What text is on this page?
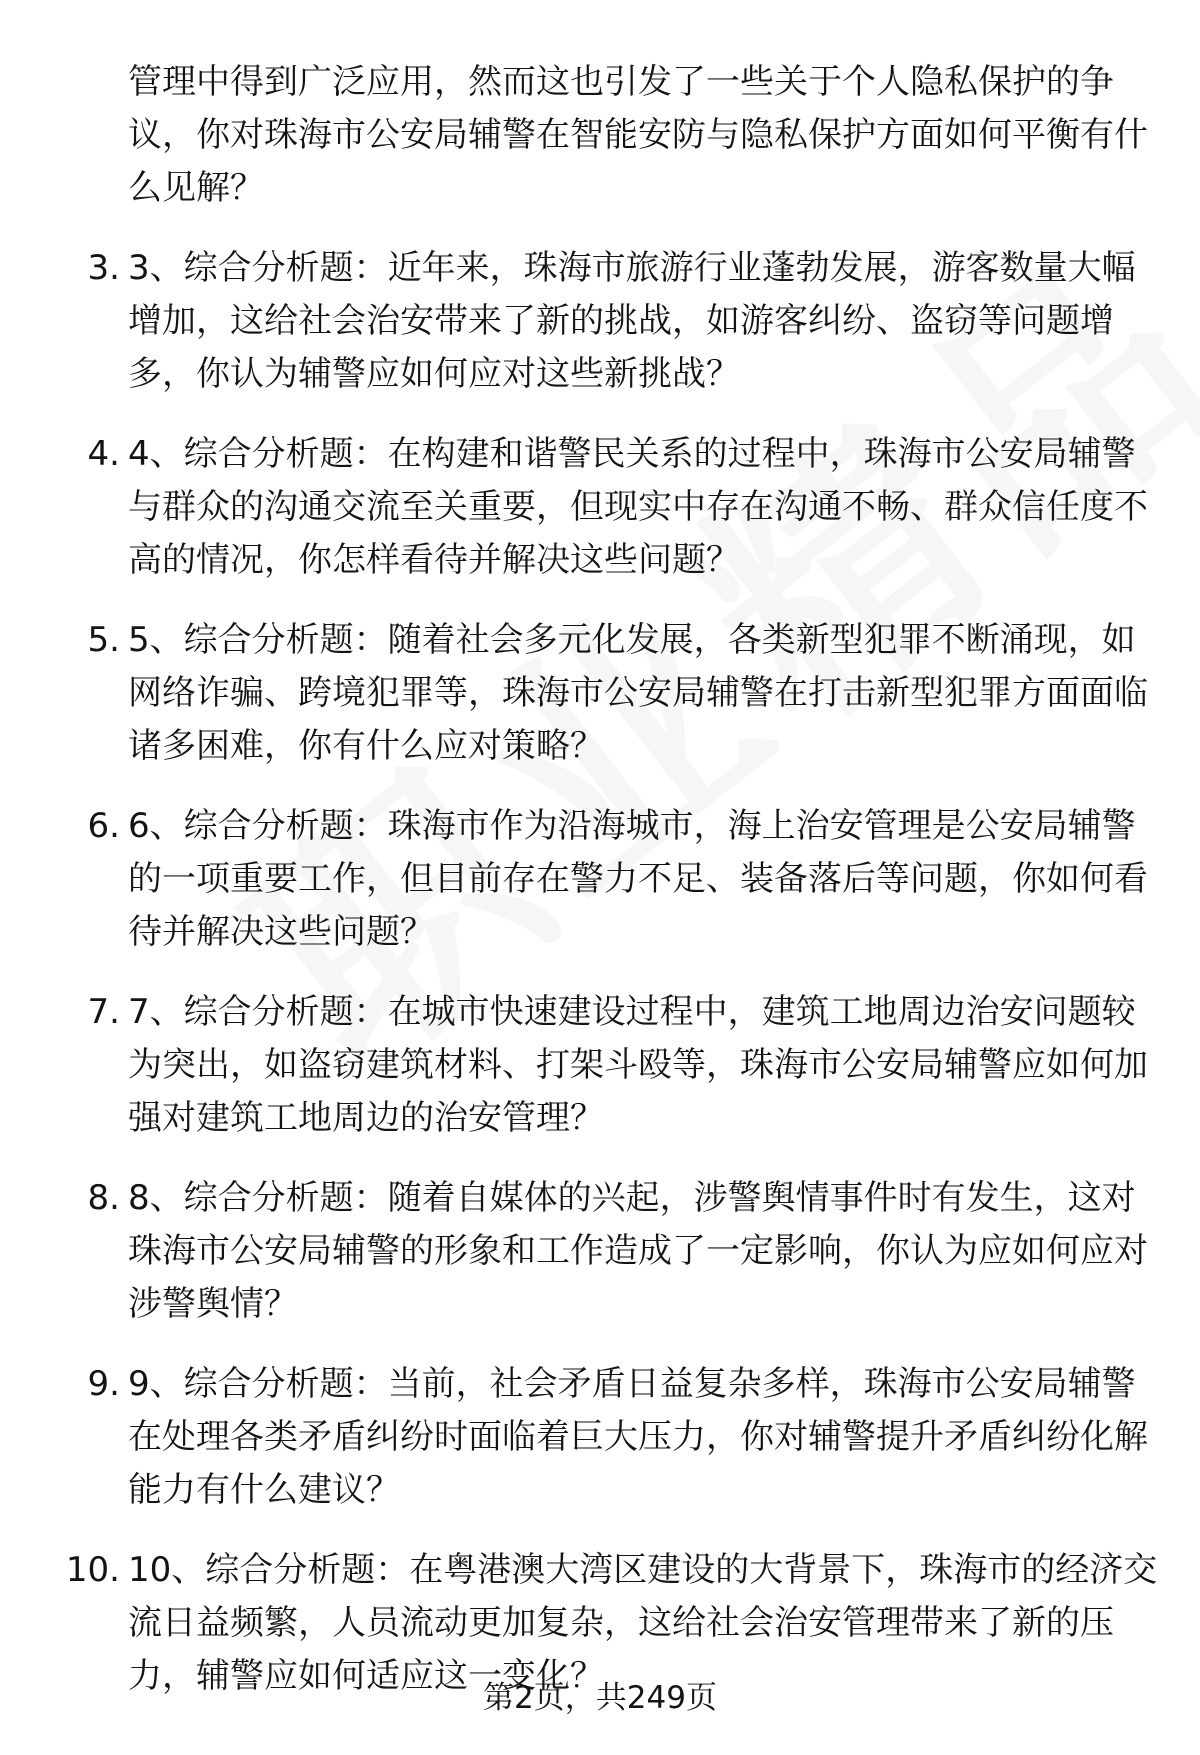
管理中得到广泛应用，然而这也引发了一些关于个人隐私保护的争议，你对珠海市公安局辅警在智能安防与隐私保护方面如何平衡有什么见解？
3. 3、综合分析题：近年来，珠海市旅游行业蓬勃发展，游客数量大幅增加，这给社会治安带来了新的挑战，如游客纠纷、盗窃等问题增多，你认为辅警应如何应对这些新挑战？
4. 4、综合分析题：在构建和谐警民关系的过程中，珠海市公安局辅警与群众的沟通交流至关重要，但现实中存在沟通不畅、群众信任度不高的情况，你怎样看待并解决这些问题？
5. 5、综合分析题：随着社会多元化发展，各类新型犯罪不断涌现，如网络诈骗、跨境犯罪等，珠海市公安局辅警在打击新型犯罪方面面临诸多困难，你有什么应对策略？
6. 6、综合分析题：珠海市作为沿海城市，海上治安管理是公安局辅警的一项重要工作，但目前存在警力不足、装备落后等问题，你如何看待并解决这些问题？
7. 7、综合分析题：在城市快速建设过程中，建筑工地周边治安问题较为突出，如盗窃建筑材料、打架斗殴等，珠海市公安局辅警应如何加强对建筑工地周边的治安管理？
8. 8、综合分析题：随着自媒体的兴起，涉警舆情事件时有发生，这对珠海市公安局辅警的形象和工作造成了一定影响，你认为应如何应对涉警舆情？
9. 9、综合分析题：当前，社会矛盾日益复杂多样，珠海市公安局辅警在处理各类矛盾纠纷时面临着巨大压力，你对辅警提升矛盾纠纷化解能力有什么建议？
10. 10、综合分析题：在粤港澳大湾区建设的大背景下，珠海市的经济交流日益频繁，人员流动更加复杂，这给社会治安管理带来了新的压力，辅警应如何适应这一变化？
第2页，共249页
